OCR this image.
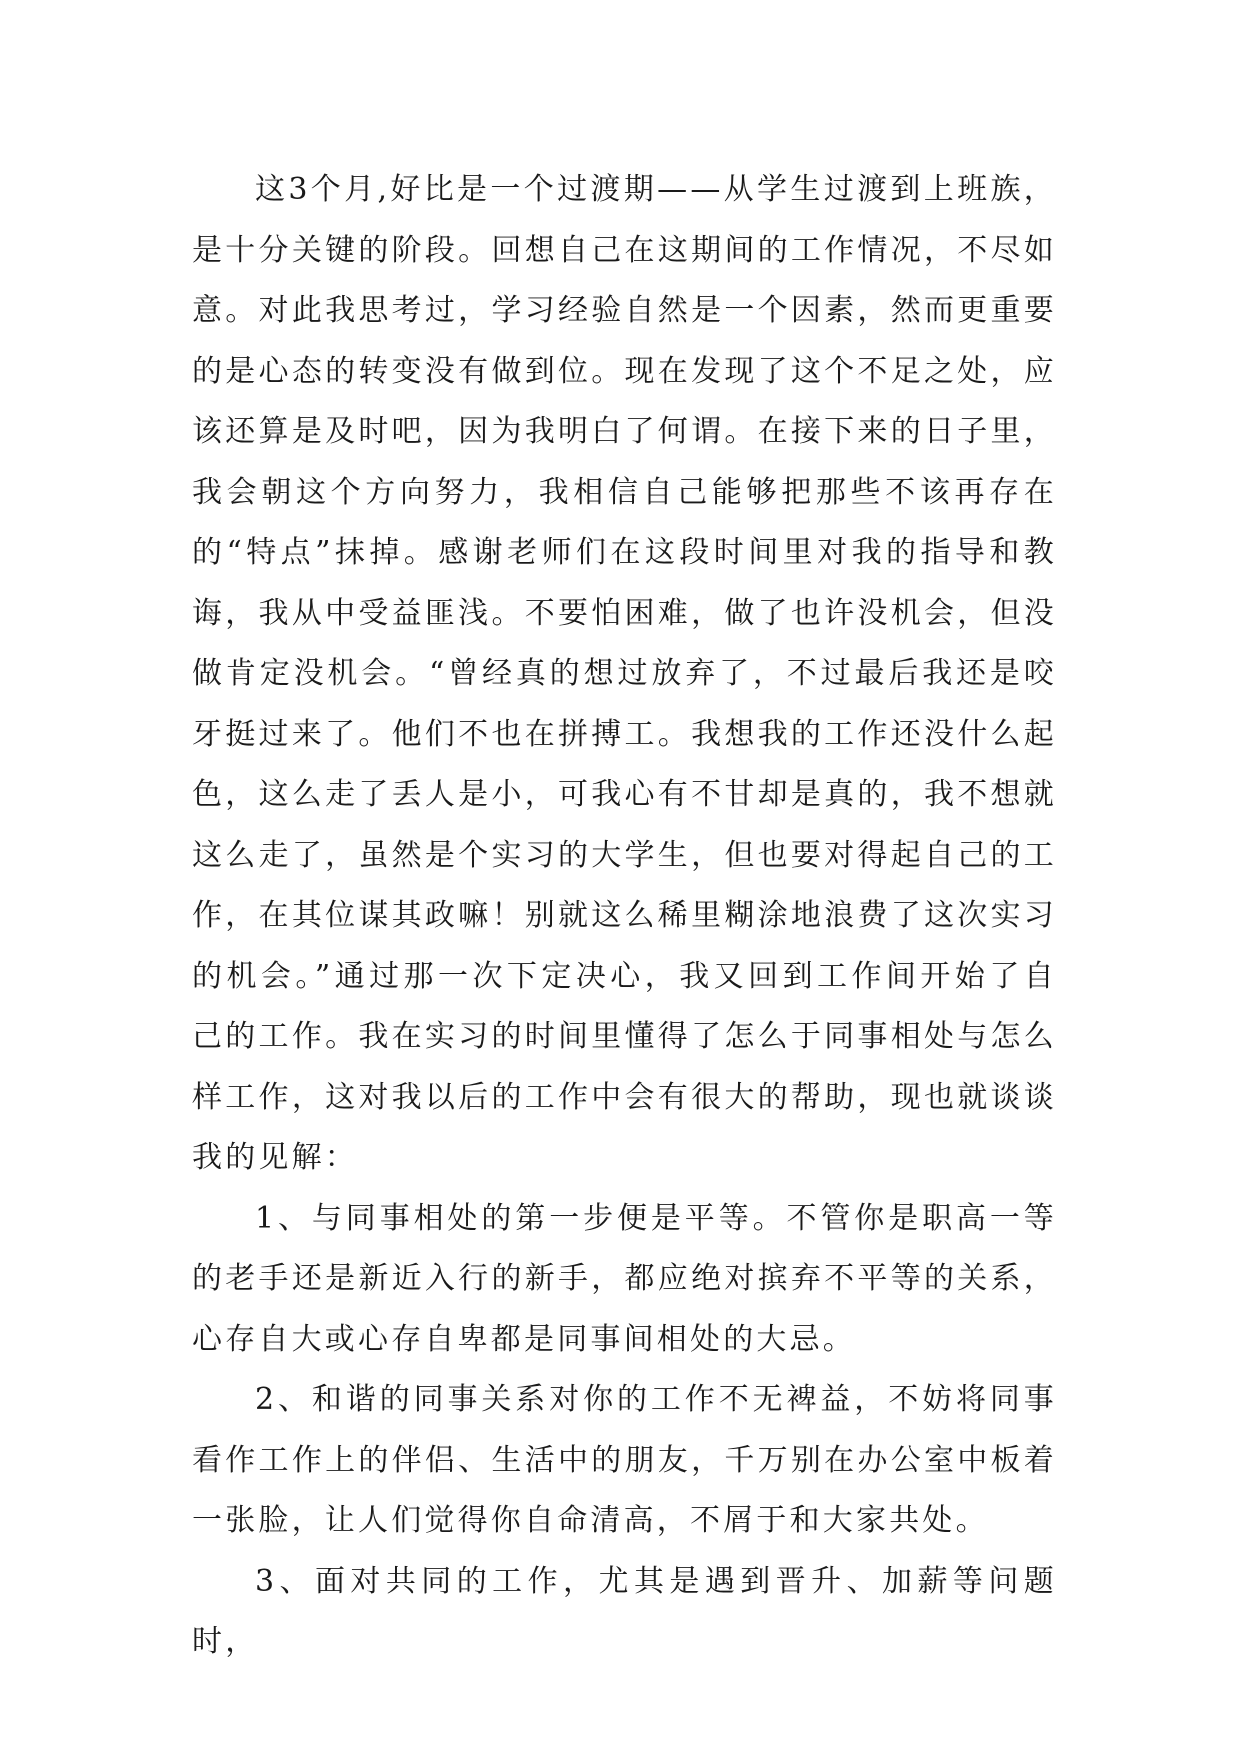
这3个月,好比是一个过渡期——从学生过渡到上班族，是十分关键的阶段。回想自己在这期间的工作情况，不尽如意。对此我思考过，学习经验自然是一个因素，然而更重要的是心态的转变没有做到位。现在发现了这个不足之处，应该还算是及时吧，因为我明白了何谓。在接下来的日子里，我会朝这个方向努力，我相信自己能够把那些不该再存在的“特点”抹掉。感谢老师们在这段时间里对我的指导和教诲，我从中受益匪浅。不要怕困难，做了也许没机会，但没做肯定没机会。“曾经真的想过放弃了，不过最后我还是咬牙挺过来了。他们不也在拼搏工。我想我的工作还没什么起色，这么走了丢人是小，可我心有不甘却是真的，我不想就这么走了，虽然是个实习的大学生，但也要对得起自己的工作，在其位谋其政嘛！别就这么稀里糊涂地浪费了这次实习的机会。”通过那一次下定决心，我又回到工作间开始了自己的工作。我在实习的时间里懂得了怎么于同事相处与怎么样工作，这对我以后的工作中会有很大的帮助，现也就谈谈我的见解：

1、与同事相处的第一步便是平等。不管你是职高一等的老手还是新近入行的新手，都应绝对摈弃不平等的关系，心存自大或心存自卑都是同事间相处的大忌。

2、和谐的同事关系对你的工作不无裨益，不妨将同事看作工作上的伴侣、生活中的朋友，千万别在办公室中板着一张脸，让人们觉得你自命清高，不屑于和大家共处。

3、面对共同的工作，尤其是遇到晋升、加薪等问题时，
